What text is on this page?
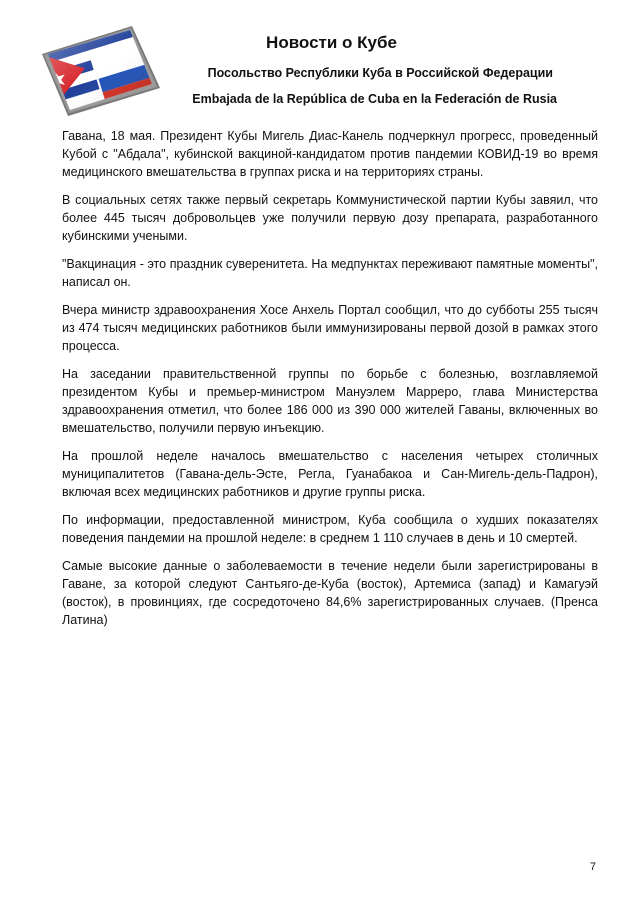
Новости о Кубе
Посольство Республики Куба в Российской Федерации
Embajada de la República de Cuba en la Federación de Rusia

Гавана, 18 мая. Президент Кубы Мигель Диас-Канель подчеркнул прогресс, проведенный Кубой с "Абдала", кубинской вакциной-кандидатом против пандемии КОВИД-19 во время медицинского вмешательства в группах риска и на территориях страны.

В социальных сетях также первый секретарь Коммунистической партии Кубы завяил, что более 445 тысяч добровольцев уже получили первую дозу препарата, разработанного кубинскими учеными.

"Вакцинация - это праздник суверенитета. На медпунктах переживают памятные моменты", написал он.

Вчера министр здравоохранения Хосе Анхель Портал сообщил, что до субботы 255 тысяч из 474 тысяч медицинских работников были иммунизированы первой дозой в рамках этого процесса.

На заседании правительственной группы по борьбе с болезнью, возглавляемой президентом Кубы и премьер-министром Мануэлем Марреро, глава Министерства здравоохранения отметил, что более 186 000 из 390 000 жителей Гаваны, включенных во вмешательство, получили первую инъекцию.

На прошлой неделе началось вмешательство с населения четырех столичных муниципалитетов (Гавана-дель-Эсте, Регла, Гуанабакоа и Сан-Мигель-дель-Падрон), включая всех медицинских работников и другие группы риска.

По информации, предоставленной министром, Куба сообщила о худших показателях поведения пандемии на прошлой неделе: в среднем 1 110 случаев в день и 10 смертей.

Самые высокие данные о заболеваемости в течение недели были зарегистрированы в Гаване, за которой следуют Сантьяго-де-Куба (восток), Артемиса (запад) и Камагуэй (восток), в провинциях, где сосредоточено 84,6% зарегистрированных случаев. (Пренса Латина)

7
